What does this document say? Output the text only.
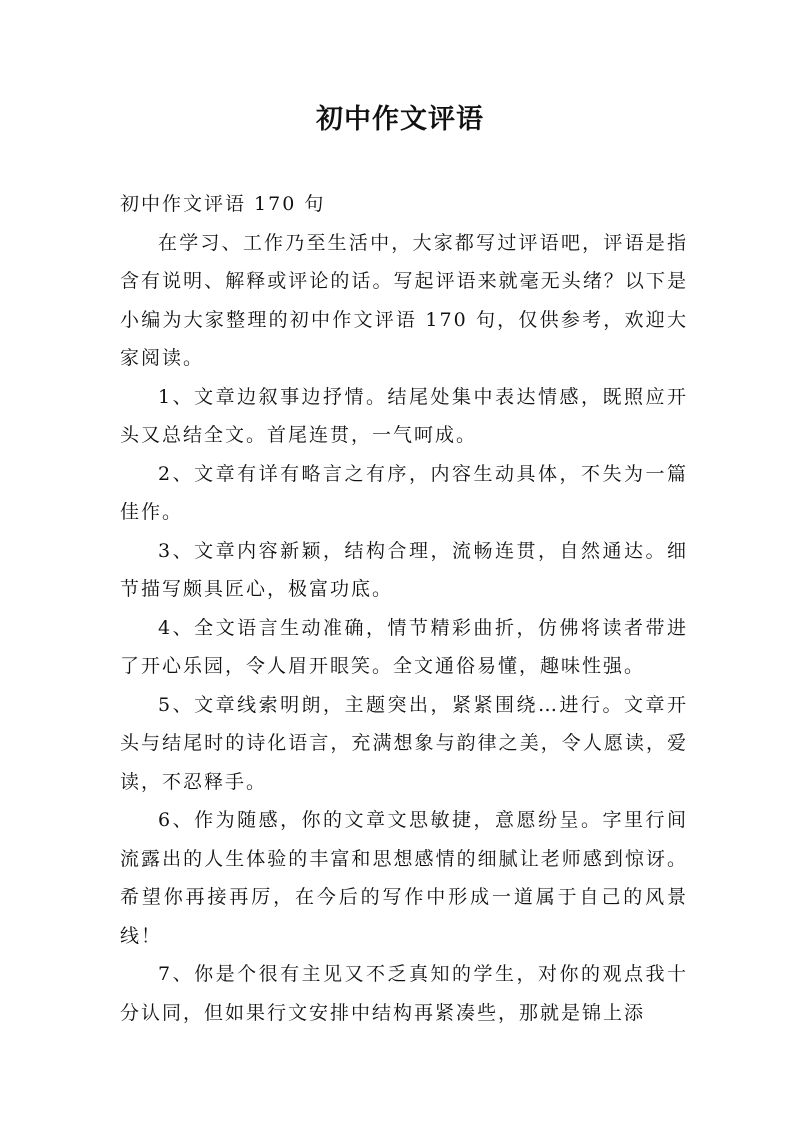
初中作文评语

初中作文评语 170 句

在学习、工作乃至生活中，大家都写过评语吧，评语是指含有说明、解释或评论的话。写起评语来就毫无头绪？以下是小编为大家整理的初中作文评语 170 句，仅供参考，欢迎大家阅读。

1、文章边叙事边抒情。结尾处集中表达情感，既照应开头又总结全文。首尾连贯，一气呵成。

2、文章有详有略言之有序，内容生动具体，不失为一篇佳作。

3、文章内容新颖，结构合理，流畅连贯，自然通达。细节描写颇具匠心，极富功底。

4、全文语言生动准确，情节精彩曲折，仿佛将读者带进了开心乐园，令人眉开眼笑。全文通俗易懂，趣味性强。

5、文章线索明朗，主题突出，紧紧围绕…进行。文章开头与结尾时的诗化语言，充满想象与韵律之美，令人愿读，爱读，不忍释手。

6、作为随感，你的文章文思敏捷，意愿纷呈。字里行间流露出的人生体验的丰富和思想感情的细腻让老师感到惊讶。希望你再接再厉，在今后的写作中形成一道属于自己的风景线！

7、你是个很有主见又不乏真知的学生，对你的观点我十分认同，但如果行文安排中结构再紧凑些，那就是锦上添
